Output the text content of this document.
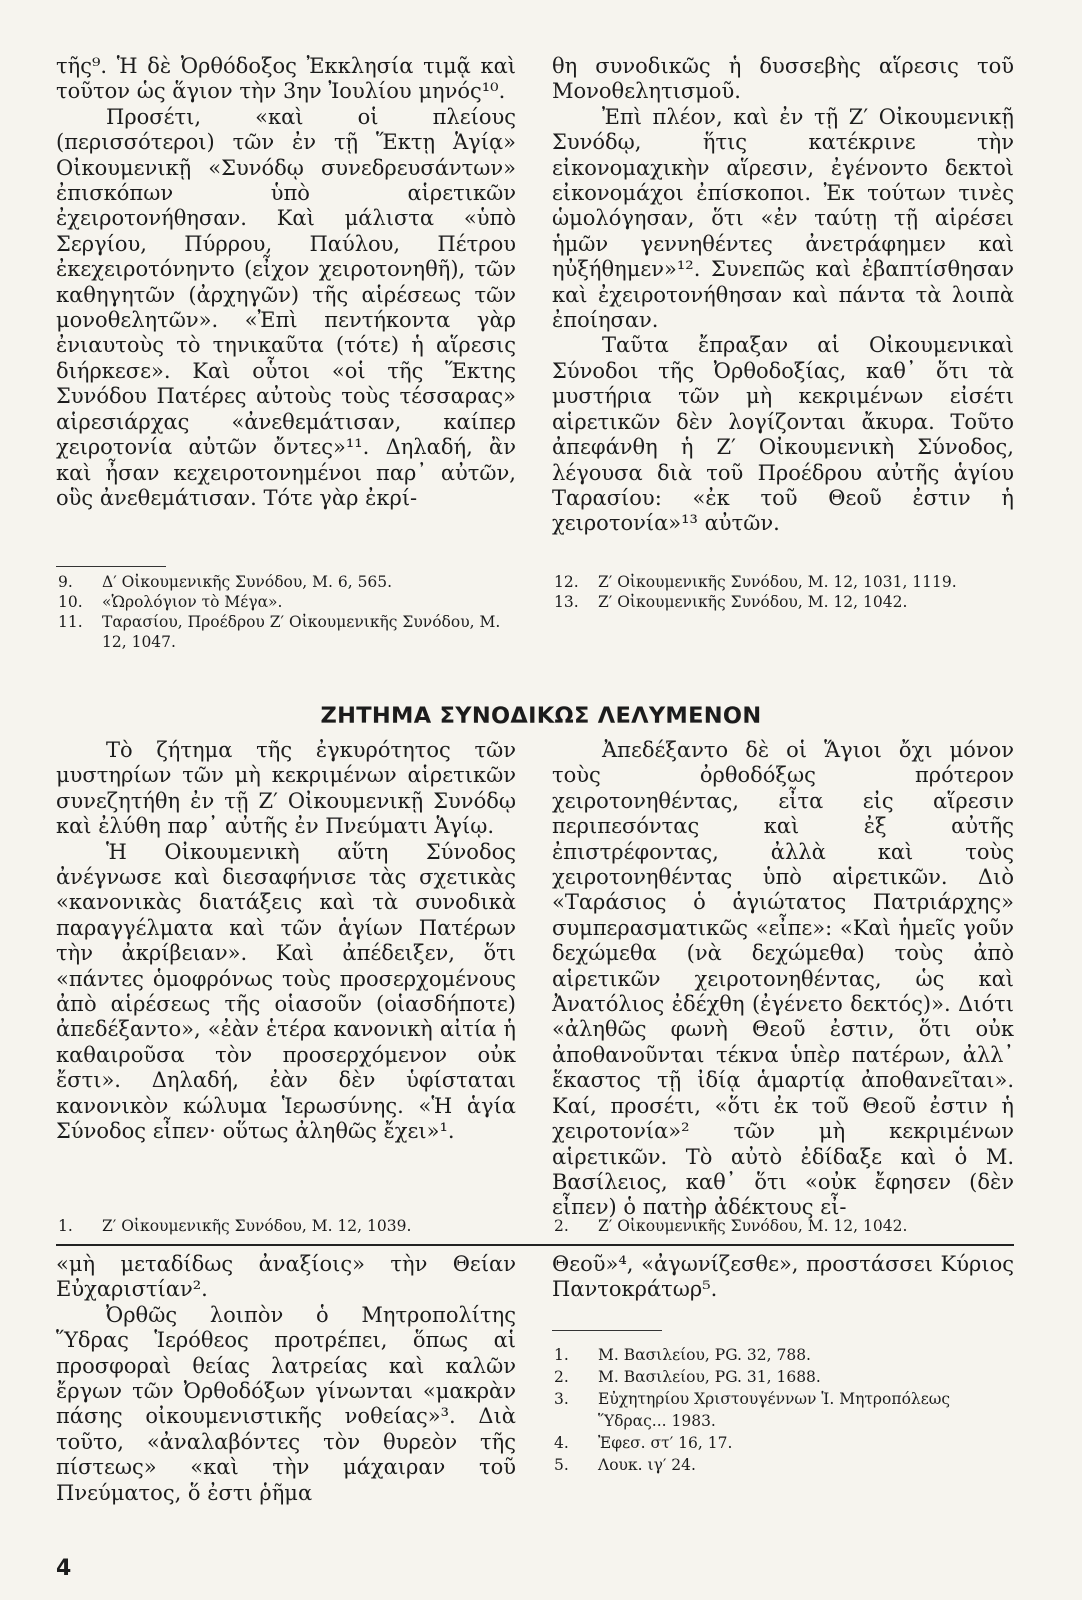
τῆς⁹. Ἡ δὲ Ὀρθόδοξος Ἐκκλησία τιμᾷ καὶ τοῦτον ὡς ἅγιον τὴν 3ην Ἰουλίου μηνός¹⁰.

Προσέτι, «καὶ οἱ πλείους (περισσότεροι) τῶν ἐν τῇ Ἕκτῃ Ἁγίᾳ» Οἰκουμενικῇ «Συνόδῳ συνεδρευσάντων» ἐπισκόπων ὑπὸ αἱρετικῶν ἐχειροτονήθησαν. Καὶ μάλιστα «ὑπὸ Σεργίου, Πύρρου, Παύλου, Πέτρου ἐκεχειροτόνηντο (εἶχον χειροτονηθῆ), τῶν καθηγητῶν (ἀρχηγῶν) τῆς αἱρέσεως τῶν μονοθελητῶν». «Ἐπὶ πεντήκοντα γὰρ ἐνιαυτοὺς τὸ τηνικαῦτα (τότε) ἡ αἵρεσις διήρκεσε». Καὶ οὗτοι «οἱ τῆς Ἕκτης Συνόδου Πατέρες αὐτοὺς τοὺς τέσσαρας» αἱρεσιάρχας «ἀνεθεμάτισαν, καίπερ χειροτονία αὐτῶν ὄντες»¹¹. Δηλαδή, ἂν καὶ ἦσαν κεχειροτονημένοι παρ᾽ αὐτῶν, οὓς ἀνεθεμάτισαν. Τότε γὰρ ἐκρί-

9. Δ′ Οἰκουμενικῆς Συνόδου, Μ. 6, 565.
10. «Ὡρολόγιον τὸ Μέγα».
11. Ταρασίου, Προέδρου Ζ′ Οἰκουμενικῆς Συνόδου, Μ. 12, 1047.

θη συνοδικῶς ἡ δυσσεβὴς αἵρεσις τοῦ Μονοθελητισμοῦ.

Ἐπὶ πλέον, καὶ ἐν τῇ Ζ′ Οἰκουμενικῇ Συνόδῳ, ἥτις κατέκρινε τὴν εἰκονομαχικὴν αἵρεσιν, ἐγένοντο δεκτοὶ εἰκονομάχοι ἐπίσκοποι. Ἐκ τούτων τινὲς ὡμολόγησαν, ὅτι «ἐν ταύτῃ τῇ αἱρέσει ἡμῶν γεννηθέντες ἀνετράφημεν καὶ ηὐξήθημεν»¹². Συνεπῶς καὶ ἐβαπτίσθησαν καὶ ἐχειροτονήθησαν καὶ πάντα τὰ λοιπὰ ἐποίησαν.

Ταῦτα ἔπραξαν αἱ Οἰκουμενικαὶ Σύνοδοι τῆς Ὀρθοδοξίας, καθ᾽ ὅτι τὰ μυστήρια τῶν μὴ κεκριμένων εἰσέτι αἱρετικῶν δὲν λογίζονται ἄκυρα. Τοῦτο ἀπεφάνθη ἡ Ζ′ Οἰκουμενικὴ Σύνοδος, λέγουσα διὰ τοῦ Προέδρου αὐτῆς ἁγίου Ταρασίου: «ἐκ τοῦ Θεοῦ ἐστιν ἡ χειροτονία»¹³ αὐτῶν.

12. Ζ′ Οἰκουμενικῆς Συνόδου, Μ. 12, 1031, 1119.
13. Ζ′ Οἰκουμενικῆς Συνόδου, Μ. 12, 1042.
ΖΗΤΗΜΑ ΣΥΝΟΔΙΚΩΣ ΛΕΛΥΜΕΝΟΝ

Τὸ ζήτημα τῆς ἐγκυρότητος τῶν μυστηρίων τῶν μὴ κεκριμένων αἱρετικῶν συνεζητήθη ἐν τῇ Ζ′ Οἰκουμενικῇ Συνόδῳ καὶ ἐλύθη παρ᾽ αὐτῆς ἐν Πνεύματι Ἁγίῳ.

Ἡ Οἰκουμενικὴ αὕτη Σύνοδος ἀνέγνωσε καὶ διεσαφήνισε τὰς σχετικὰς «κανονικὰς διατάξεις καὶ τὰ συνοδικὰ παραγγέλματα καὶ τῶν ἁγίων Πατέρων τὴν ἀκρίβειαν». Καὶ ἀπέδειξεν, ὅτι «πάντες ὁμοφρόνως τοὺς προσερχομένους ἀπὸ αἱρέσεως τῆς οἱασοῦν (οἱασδήποτε) ἀπεδέξαντο», «ἐὰν ἑτέρα κανονικὴ αἰτία ἡ καθαιροῦσα τὸν προσερχόμενον οὐκ ἔστι». Δηλαδή, ἐὰν δὲν ὑφίσταται κανονικὸν κώλυμα Ἱερωσύνης. «Ἡ ἁγία Σύνοδος εἶπεν· οὕτως ἀληθῶς ἔχει»¹.

1. Ζ′ Οἰκουμενικῆς Συνόδου, Μ. 12, 1039.

Ἀπεδέξαντο δὲ οἱ Ἅγιοι ὄχι μόνον τοὺς ὀρθοδόξως πρότερον χειροτονηθέντας, εἶτα εἰς αἵρεσιν περιπεσόντας καὶ ἐξ αὐτῆς ἐπιστρέφοντας, ἀλλὰ καὶ τοὺς χειροτονηθέντας ὑπὸ αἱρετικῶν. Διὸ «Ταράσιος ὁ ἁγιώτατος Πατριάρχης» συμπερασματικῶς «εἶπε»: «Καὶ ἡμεῖς γοῦν δεχώμεθα (νὰ δεχώμεθα) τοὺς ἀπὸ αἱρετικῶν χειροτονηθέντας, ὡς καὶ Ἀνατόλιος ἐδέχθη (ἐγένετο δεκτός)». Διότι «ἀληθῶς φωνὴ Θεοῦ ἐστιν, ὅτι οὐκ ἀποθανοῦνται τέκνα ὑπὲρ πατέρων, ἀλλ᾽ ἕκαστος τῇ ἰδίᾳ ἁμαρτίᾳ ἀποθανεῖται». Καί, προσέτι, «ὅτι ἐκ τοῦ Θεοῦ ἐστιν ἡ χειροτονία»² τῶν μὴ κεκριμένων αἱρετικῶν. Τὸ αὐτὸ ἐδίδαξε καὶ ὁ Μ. Βασίλειος, καθ᾽ ὅτι «οὐκ ἔφησεν (δὲν εἶπεν) ὁ πατὴρ ἀδέκτους εἶ-

2. Ζ′ Οἰκουμενικῆς Συνόδου, Μ. 12, 1042.

«μὴ μεταδίδως ἀναξίοις» τὴν Θείαν Εὐχαριστίαν².

Ὀρθῶς λοιπὸν ὁ Μητροπολίτης Ὕδρας Ἱερόθεος προτρέπει, ὅπως αἱ προσφοραὶ θείας λατρείας καὶ καλῶν ἔργων τῶν Ὀρθοδόξων γίνωνται «μακρὰν πάσης οἰκουμενιστικῆς νοθείας»³. Διὰ τοῦτο, «ἀναλαβόντες τὸν θυρεὸν τῆς πίστεως» «καὶ τὴν μάχαιραν τοῦ Πνεύματος, ὅ ἐστι ῥῆμα

Θεοῦ»⁴, «ἀγωνίζεσθε», προστάσσει Κύριος Παντοκράτωρ⁵.

1. Μ. Βασιλείου, PG. 32, 788.
2. Μ. Βασιλείου, PG. 31, 1688.
3. Εὐχητηρίου Χριστουγέννων Ἱ. Μητροπόλεως Ὕδρας... 1983.
4. Ἐφεσ. στ′ 16, 17.
5. Λουκ. ιγ′ 24.
4
